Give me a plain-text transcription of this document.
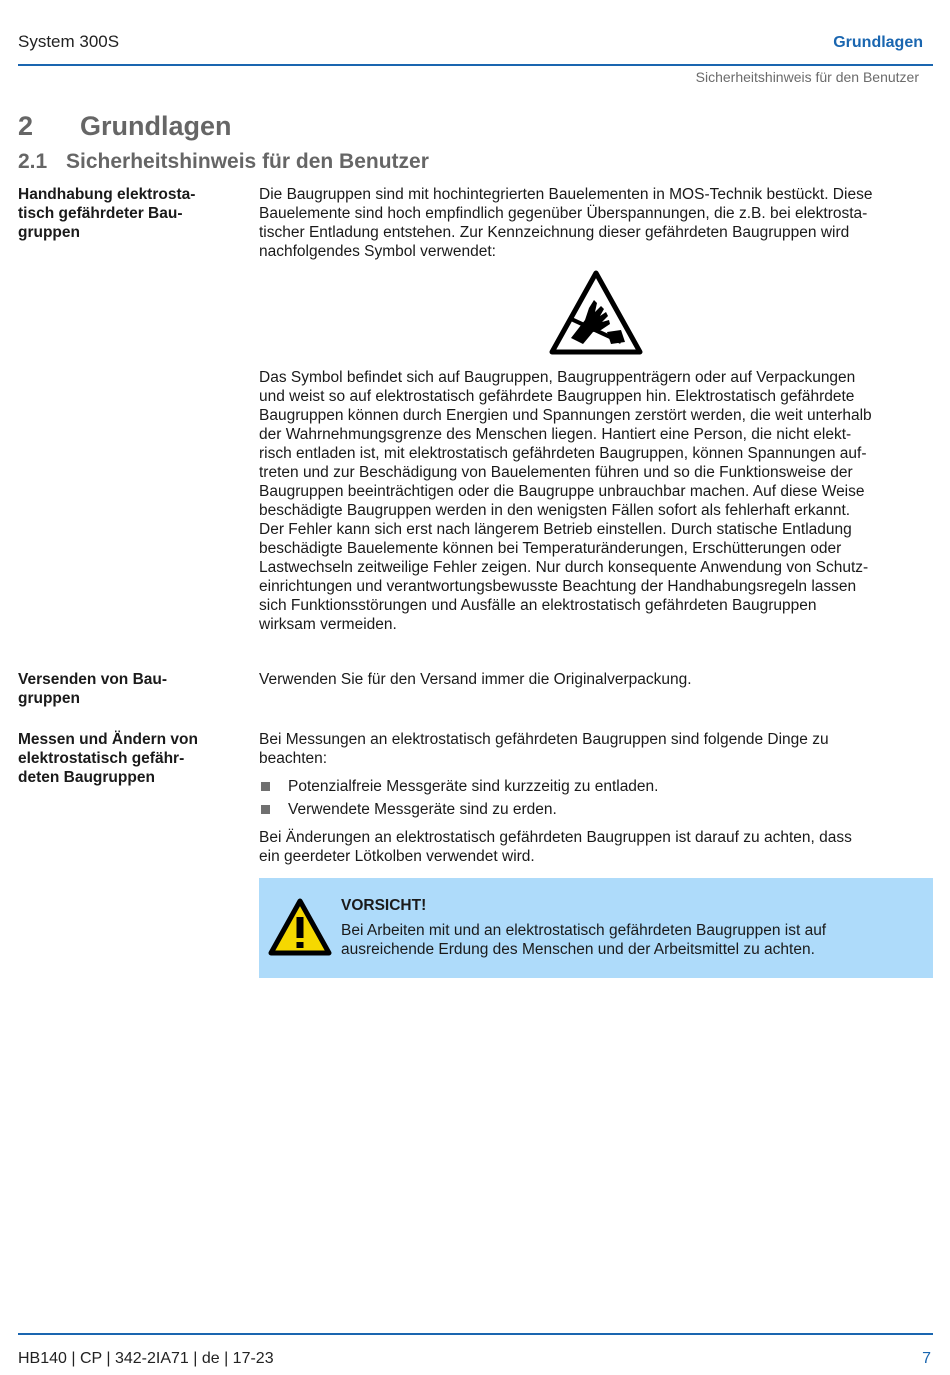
System 300S	Grundlagen
Sicherheitshinweis für den Benutzer
2 Grundlagen
2.1 Sicherheitshinweis für den Benutzer
Handhabung elektrosta-
tisch gefährdeter Bau-
gruppen
Die Baugruppen sind mit hochintegrierten Bauelementen in MOS-Technik bestückt. Diese
Bauelemente sind hoch empfindlich gegenüber Überspannungen, die z.B. bei elektrosta-
tischer Entladung entstehen. Zur Kennzeichnung dieser gefährdeten Baugruppen wird
nachfolgendes Symbol verwendet:
Das Symbol befindet sich auf Baugruppen, Baugruppenträgern oder auf Verpackungen
und weist so auf elektrostatisch gefährdete Baugruppen hin. Elektrostatisch gefährdete
Baugruppen können durch Energien und Spannungen zerstört werden, die weit unterhalb
der Wahrnehmungsgrenze des Menschen liegen. Hantiert eine Person, die nicht elekt-
risch entladen ist, mit elektrostatisch gefährdeten Baugruppen, können Spannungen auf-
treten und zur Beschädigung von Bauelementen führen und so die Funktionsweise der
Baugruppen beeinträchtigen oder die Baugruppe unbrauchbar machen. Auf diese Weise
beschädigte Baugruppen werden in den wenigsten Fällen sofort als fehlerhaft erkannt.
Der Fehler kann sich erst nach längerem Betrieb einstellen. Durch statische Entladung
beschädigte Bauelemente können bei Temperaturänderungen, Erschütterungen oder
Lastwechseln zeitweilige Fehler zeigen. Nur durch konsequente Anwendung von Schutz-
einrichtungen und verantwortungsbewusste Beachtung der Handhabungsregeln lassen
sich Funktionsstörungen und Ausfälle an elektrostatisch gefährdeten Baugruppen
wirksam vermeiden.
Versenden von Bau-
gruppen
Verwenden Sie für den Versand immer die Originalverpackung.
Messen und Ändern von
elektrostatisch gefähr-
deten Baugruppen
Bei Messungen an elektrostatisch gefährdeten Baugruppen sind folgende Dinge zu
beachten:
Potenzialfreie Messgeräte sind kurzzeitig zu entladen.
Verwendete Messgeräte sind zu erden.
Bei Änderungen an elektrostatisch gefährdeten Baugruppen ist darauf zu achten, dass
ein geerdeter Lötkolben verwendet wird.
VORSICHT!
Bei Arbeiten mit und an elektrostatisch gefährdeten Baugruppen ist auf
ausreichende Erdung des Menschen und der Arbeitsmittel zu achten.
HB140 | CP | 342-2IA71 | de | 17-23	7
